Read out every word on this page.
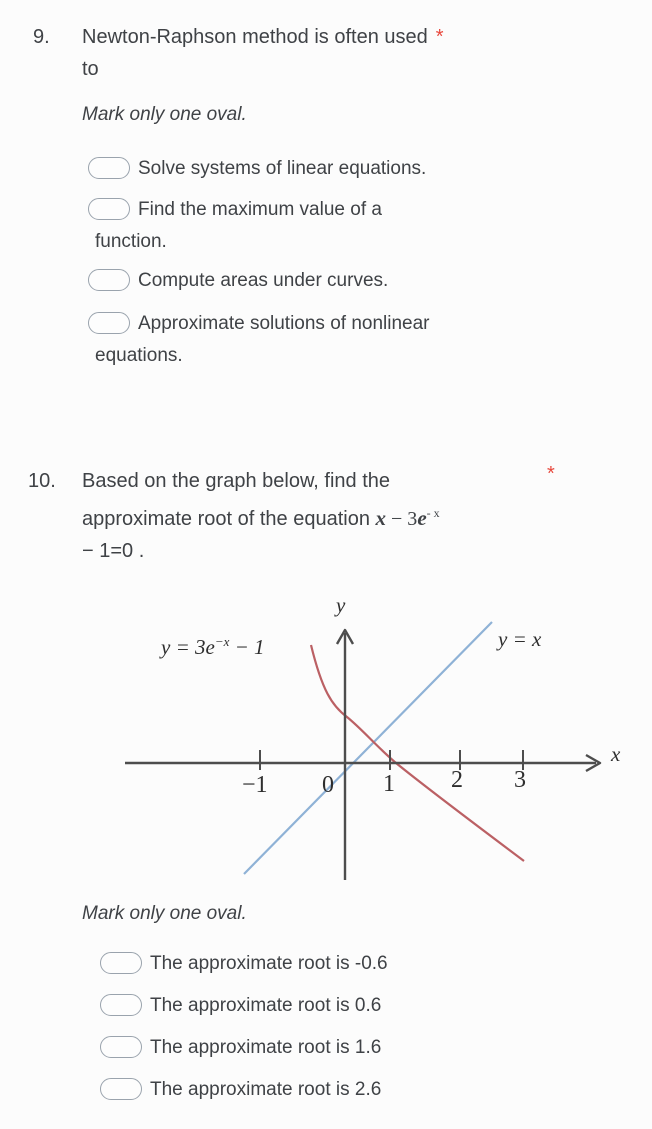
9. Newton-Raphson method is often used *
to
Mark only one oval.
Solve systems of linear equations.
Find the maximum value of a
function.
Compute areas under curves.
Approximate solutions of nonlinear
equations.
10.	*
Based on the graph below, find the
approximate root of the equation $x - 3e^{- x}$
− 1=0 .
$y = 3e^{-x} - 1$	y = x
y
x
−1 0 1 2 3
Mark only one oval.
The approximate root is -0.6
The approximate root is 0.6
The approximate root is 1.6
The approximate root is 2.6
